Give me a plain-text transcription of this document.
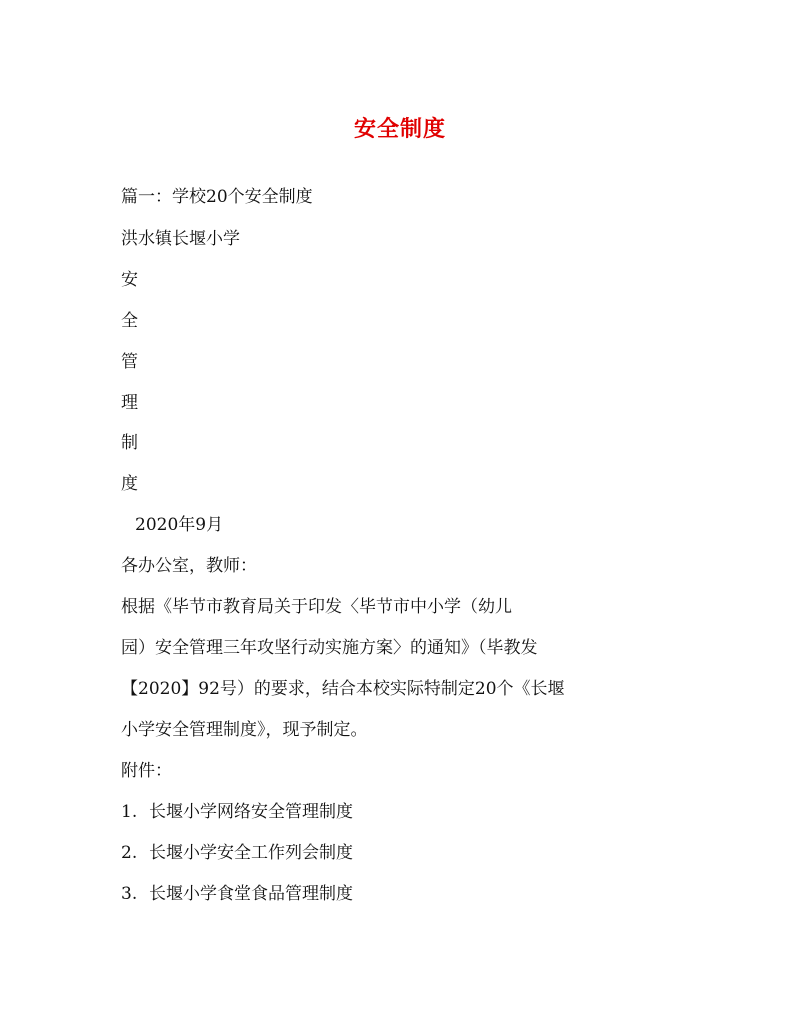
安全制度
篇一：学校20个安全制度
洪水镇长堰小学
安
全
管
理
制
度
2020年9月
各办公室，教师：
根据《毕节市教育局关于印发〈毕节市中小学（幼儿
园）安全管理三年攻坚行动实施方案〉的通知》（毕教发
【2020】92号）的要求，结合本校实际特制定20个《长堰
小学安全管理制度》，现予制定。
附件：
1. 长堰小学网络安全管理制度
2. 长堰小学安全工作列会制度
3. 长堰小学食堂食品管理制度
